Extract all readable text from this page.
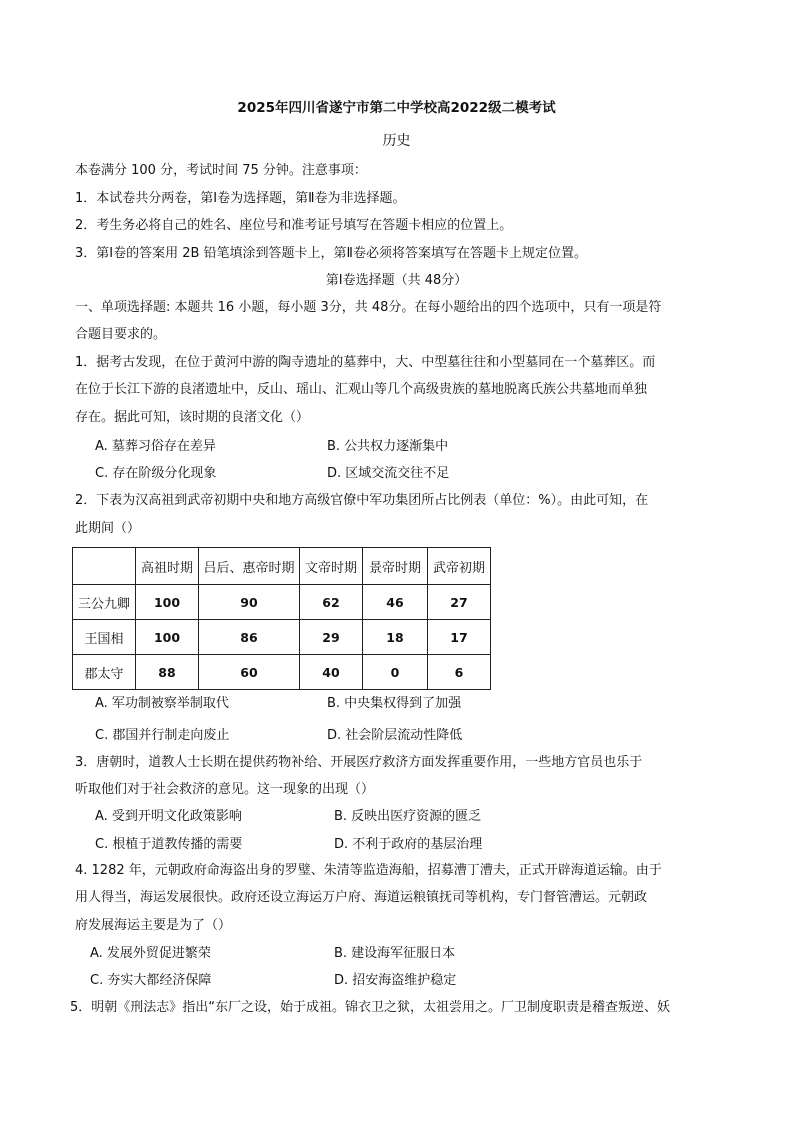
2025年四川省遂宁市第二中学校高2022级二模考试
历史
本卷满分 100 分，考试时间 75 分钟。注意事项：
1．本试卷共分两卷，第Ⅰ卷为选择题，第Ⅱ卷为非选择题。
2．考生务必将自己的姓名、座位号和准考证号填写在答题卡相应的位置上。
3．第Ⅰ卷的答案用 2B 铅笔填涂到答题卡上，第Ⅱ卷必须将答案填写在答题卡上规定位置。
第Ⅰ卷选择题（共 48分）
一、单项选择题: 本题共 16 小题，每小题 3分，共 48分。在每小题给出的四个选项中，只有一项是符
合题目要求的。
1．据考古发现，在位于黄河中游的陶寺遗址的墓葬中，大、中型墓往往和小型墓同在一个墓葬区。而
在位于长江下游的良渚遗址中，反山、瑶山、汇观山等几个高级贵族的墓地脱离氏族公共墓地而单独
存在。据此可知，该时期的良渚文化（）
A. 墓葬习俗存在差异	B. 公共权力逐渐集中
C. 存在阶级分化现象	D. 区域交流交往不足
2．下表为汉高祖到武帝初期中央和地方高级官僚中军功集团所占比例表（单位：%）。由此可知，在
此期间（）
	高祖时期	吕后、惠帝时期	文帝时期	景帝时期	武帝初期
三公九卿	100	90	62	46	27
王国相	100	86	29	18	17
郡太守	88	60	40	0	6
A. 军功制被察举制取代	B. 中央集权得到了加强
C. 郡国并行制走向废止	D. 社会阶层流动性降低
3．唐朝时，道教人士长期在提供药物补给、开展医疗救济方面发挥重要作用，一些地方官员也乐于
听取他们对于社会救济的意见。这一现象的出现（）
A. 受到开明文化政策影响	B. 反映出医疗资源的匮乏
C. 根植于道教传播的需要	D. 不利于政府的基层治理
4. 1282 年，元朝政府命海盗出身的罗璧、朱清等监造海船，招募漕丁漕夫，正式开辟海道运输。由于
用人得当，海运发展很快。政府还设立海运万户府、海道运粮镇抚司等机构，专门督管漕运。元朝政
府发展海运主要是为了（）
A. 发展外贸促进繁荣	B. 建设海军征服日本
C. 夯实大都经济保障	D. 招安海盗维护稳定
5．明朝《刑法志》指出“东厂之设，始于成祖。锦衣卫之狱，太祖尝用之。厂卫制度职责是稽查叛逆、妖
